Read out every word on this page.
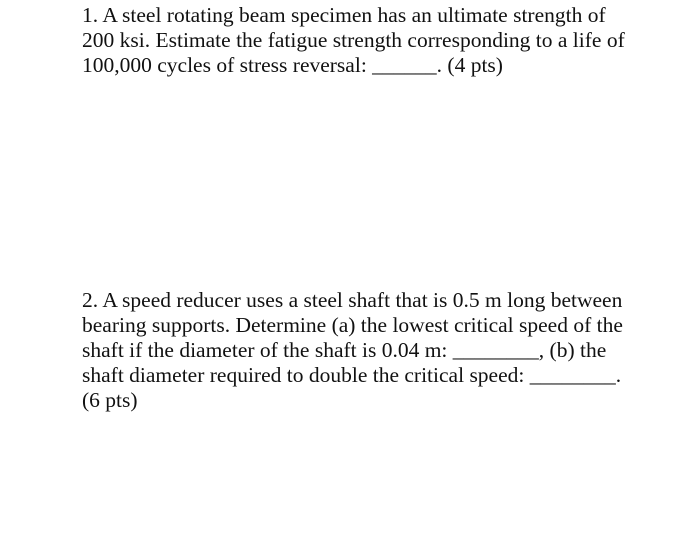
1. A steel rotating beam specimen has an ultimate strength of
200 ksi. Estimate the fatigue strength corresponding to a life of
100,000 cycles of stress reversal: ______. (4 pts)
2. A speed reducer uses a steel shaft that is 0.5 m long between
bearing supports. Determine (a) the lowest critical speed of the
shaft if the diameter of the shaft is 0.04 m: ________, (b) the
shaft diameter required to double the critical speed: ________.
(6 pts)
